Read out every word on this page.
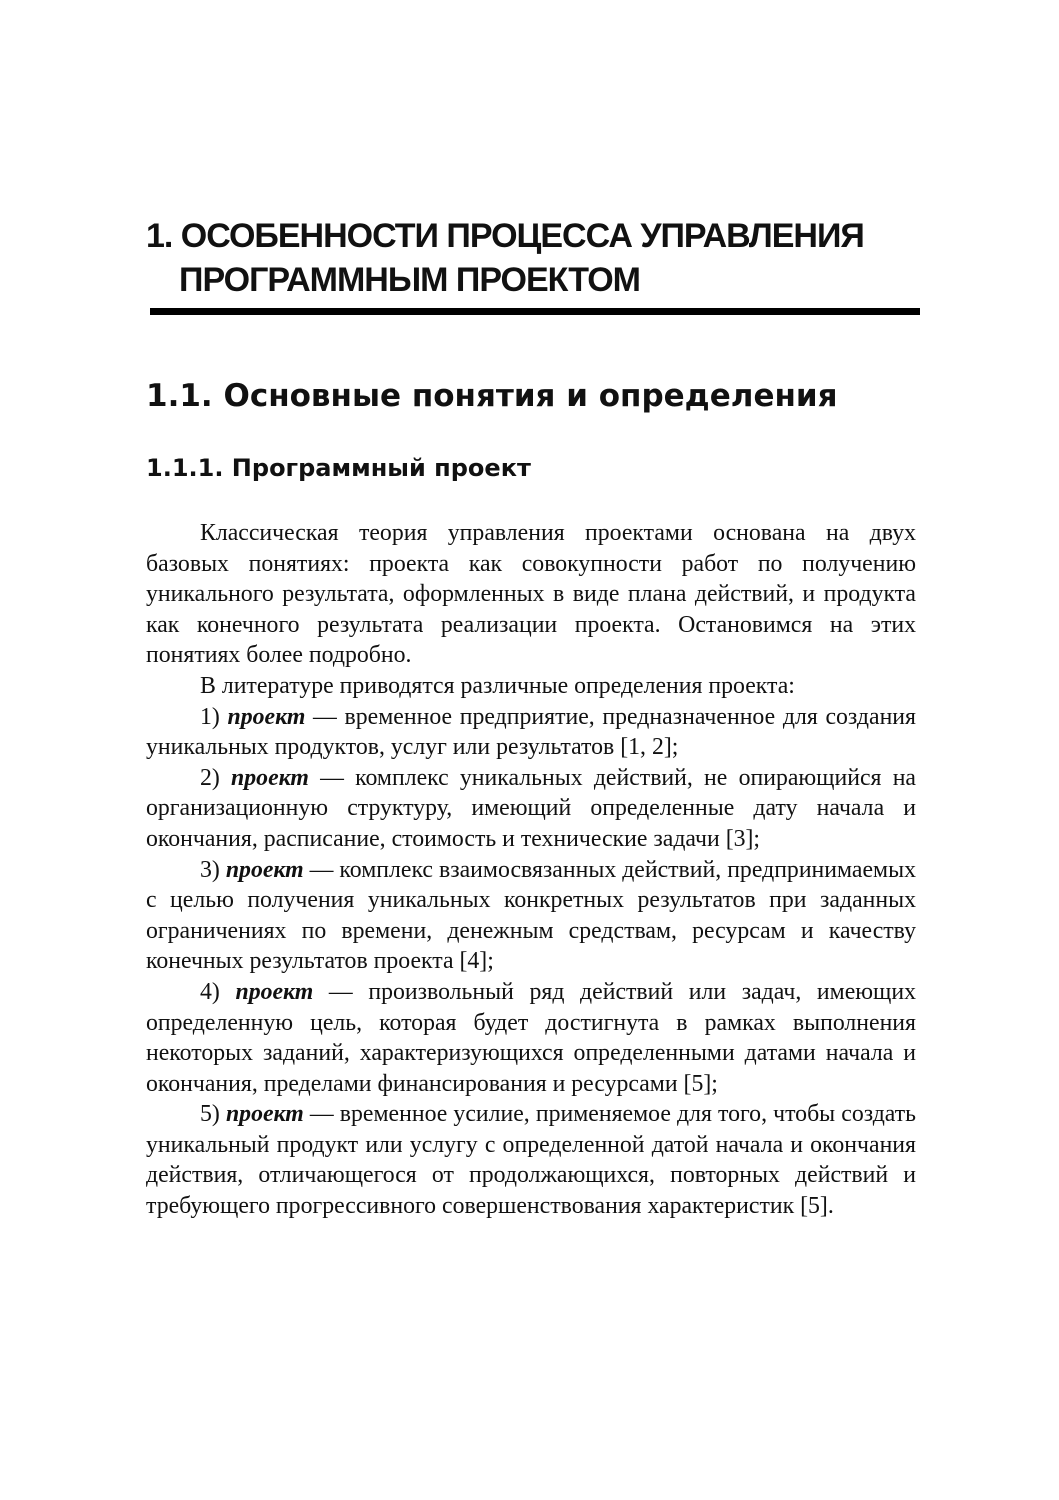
1. ОСОБЕННОСТИ ПРОЦЕССА УПРАВЛЕНИЯ
ПРОГРАММНЫМ ПРОЕКТОМ
1.1. Основные понятия и определения
1.1.1. Программный проект

Классическая теория управления проектами основана на двух базовых понятиях: проекта как совокупности работ по получению уникального результата, оформленных в виде плана действий, и продукта как конечного результата реализации проекта. Остановимся на этих понятиях более подробно.

В литературе приводятся различные определения проекта:

1) проект — временное предприятие, предназначенное для создания уникальных продуктов, услуг или результатов [1, 2];

2) проект — комплекс уникальных действий, не опирающийся на организационную структуру, имеющий определенные дату начала и окончания, расписание, стоимость и технические задачи [3];

3) проект — комплекс взаимосвязанных действий, предпринимаемых с целью получения уникальных конкретных результатов при заданных ограничениях по времени, денежным средствам, ресурсам и качеству конечных результатов проекта [4];

4) проект — произвольный ряд действий или задач, имеющих определенную цель, которая будет достигнута в рамках выполнения некоторых заданий, характеризующихся определенными датами начала и окончания, пределами финансирования и ресурсами [5];

5) проект — временное усилие, применяемое для того, чтобы создать уникальный продукт или услугу с определенной датой начала и окончания действия, отличающегося от продолжающихся, повторных действий и требующего прогрессивного совершенствования характеристик [5].
